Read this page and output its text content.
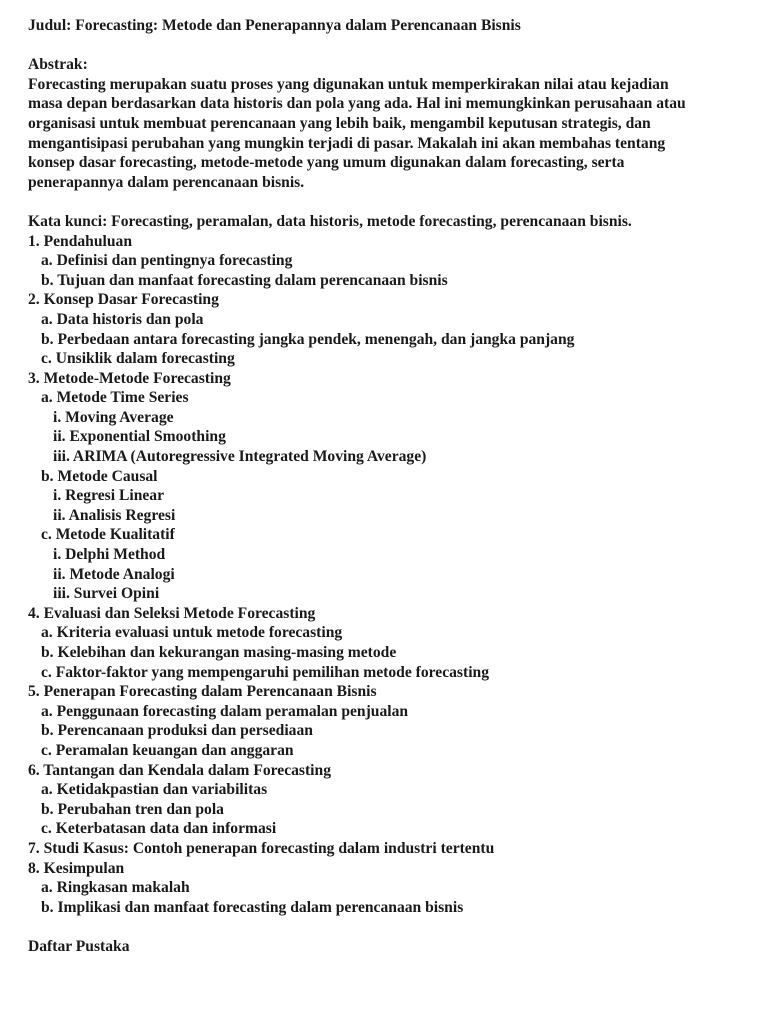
Judul: Forecasting: Metode dan Penerapannya dalam Perencanaan Bisnis

Abstrak:

Forecasting merupakan suatu proses yang digunakan untuk memperkirakan nilai atau kejadian

masa depan berdasarkan data historis dan pola yang ada. Hal ini memungkinkan perusahaan atau

organisasi untuk membuat perencanaan yang lebih baik, mengambil keputusan strategis, dan

mengantisipasi perubahan yang mungkin terjadi di pasar. Makalah ini akan membahas tentang

konsep dasar forecasting, metode-metode yang umum digunakan dalam forecasting, serta

penerapannya dalam perencanaan bisnis.

Kata kunci: Forecasting, peramalan, data historis, metode forecasting, perencanaan bisnis.

1. Pendahuluan

a. Definisi dan pentingnya forecasting

b. Tujuan dan manfaat forecasting dalam perencanaan bisnis

2. Konsep Dasar Forecasting

a. Data historis dan pola

b. Perbedaan antara forecasting jangka pendek, menengah, dan jangka panjang

c. Unsiklik dalam forecasting

3. Metode-Metode Forecasting

a. Metode Time Series

i. Moving Average

ii. Exponential Smoothing

iii. ARIMA (Autoregressive Integrated Moving Average)

b. Metode Causal

i. Regresi Linear

ii. Analisis Regresi

c. Metode Kualitatif

i. Delphi Method

ii. Metode Analogi

iii. Survei Opini

4. Evaluasi dan Seleksi Metode Forecasting

a. Kriteria evaluasi untuk metode forecasting

b. Kelebihan dan kekurangan masing-masing metode

c. Faktor-faktor yang mempengaruhi pemilihan metode forecasting

5. Penerapan Forecasting dalam Perencanaan Bisnis

a. Penggunaan forecasting dalam peramalan penjualan

b. Perencanaan produksi dan persediaan

c. Peramalan keuangan dan anggaran

6. Tantangan dan Kendala dalam Forecasting

a. Ketidakpastian dan variabilitas

b. Perubahan tren dan pola

c. Keterbatasan data dan informasi

7. Studi Kasus: Contoh penerapan forecasting dalam industri tertentu

8. Kesimpulan

a. Ringkasan makalah

b. Implikasi dan manfaat forecasting dalam perencanaan bisnis

Daftar Pustaka
